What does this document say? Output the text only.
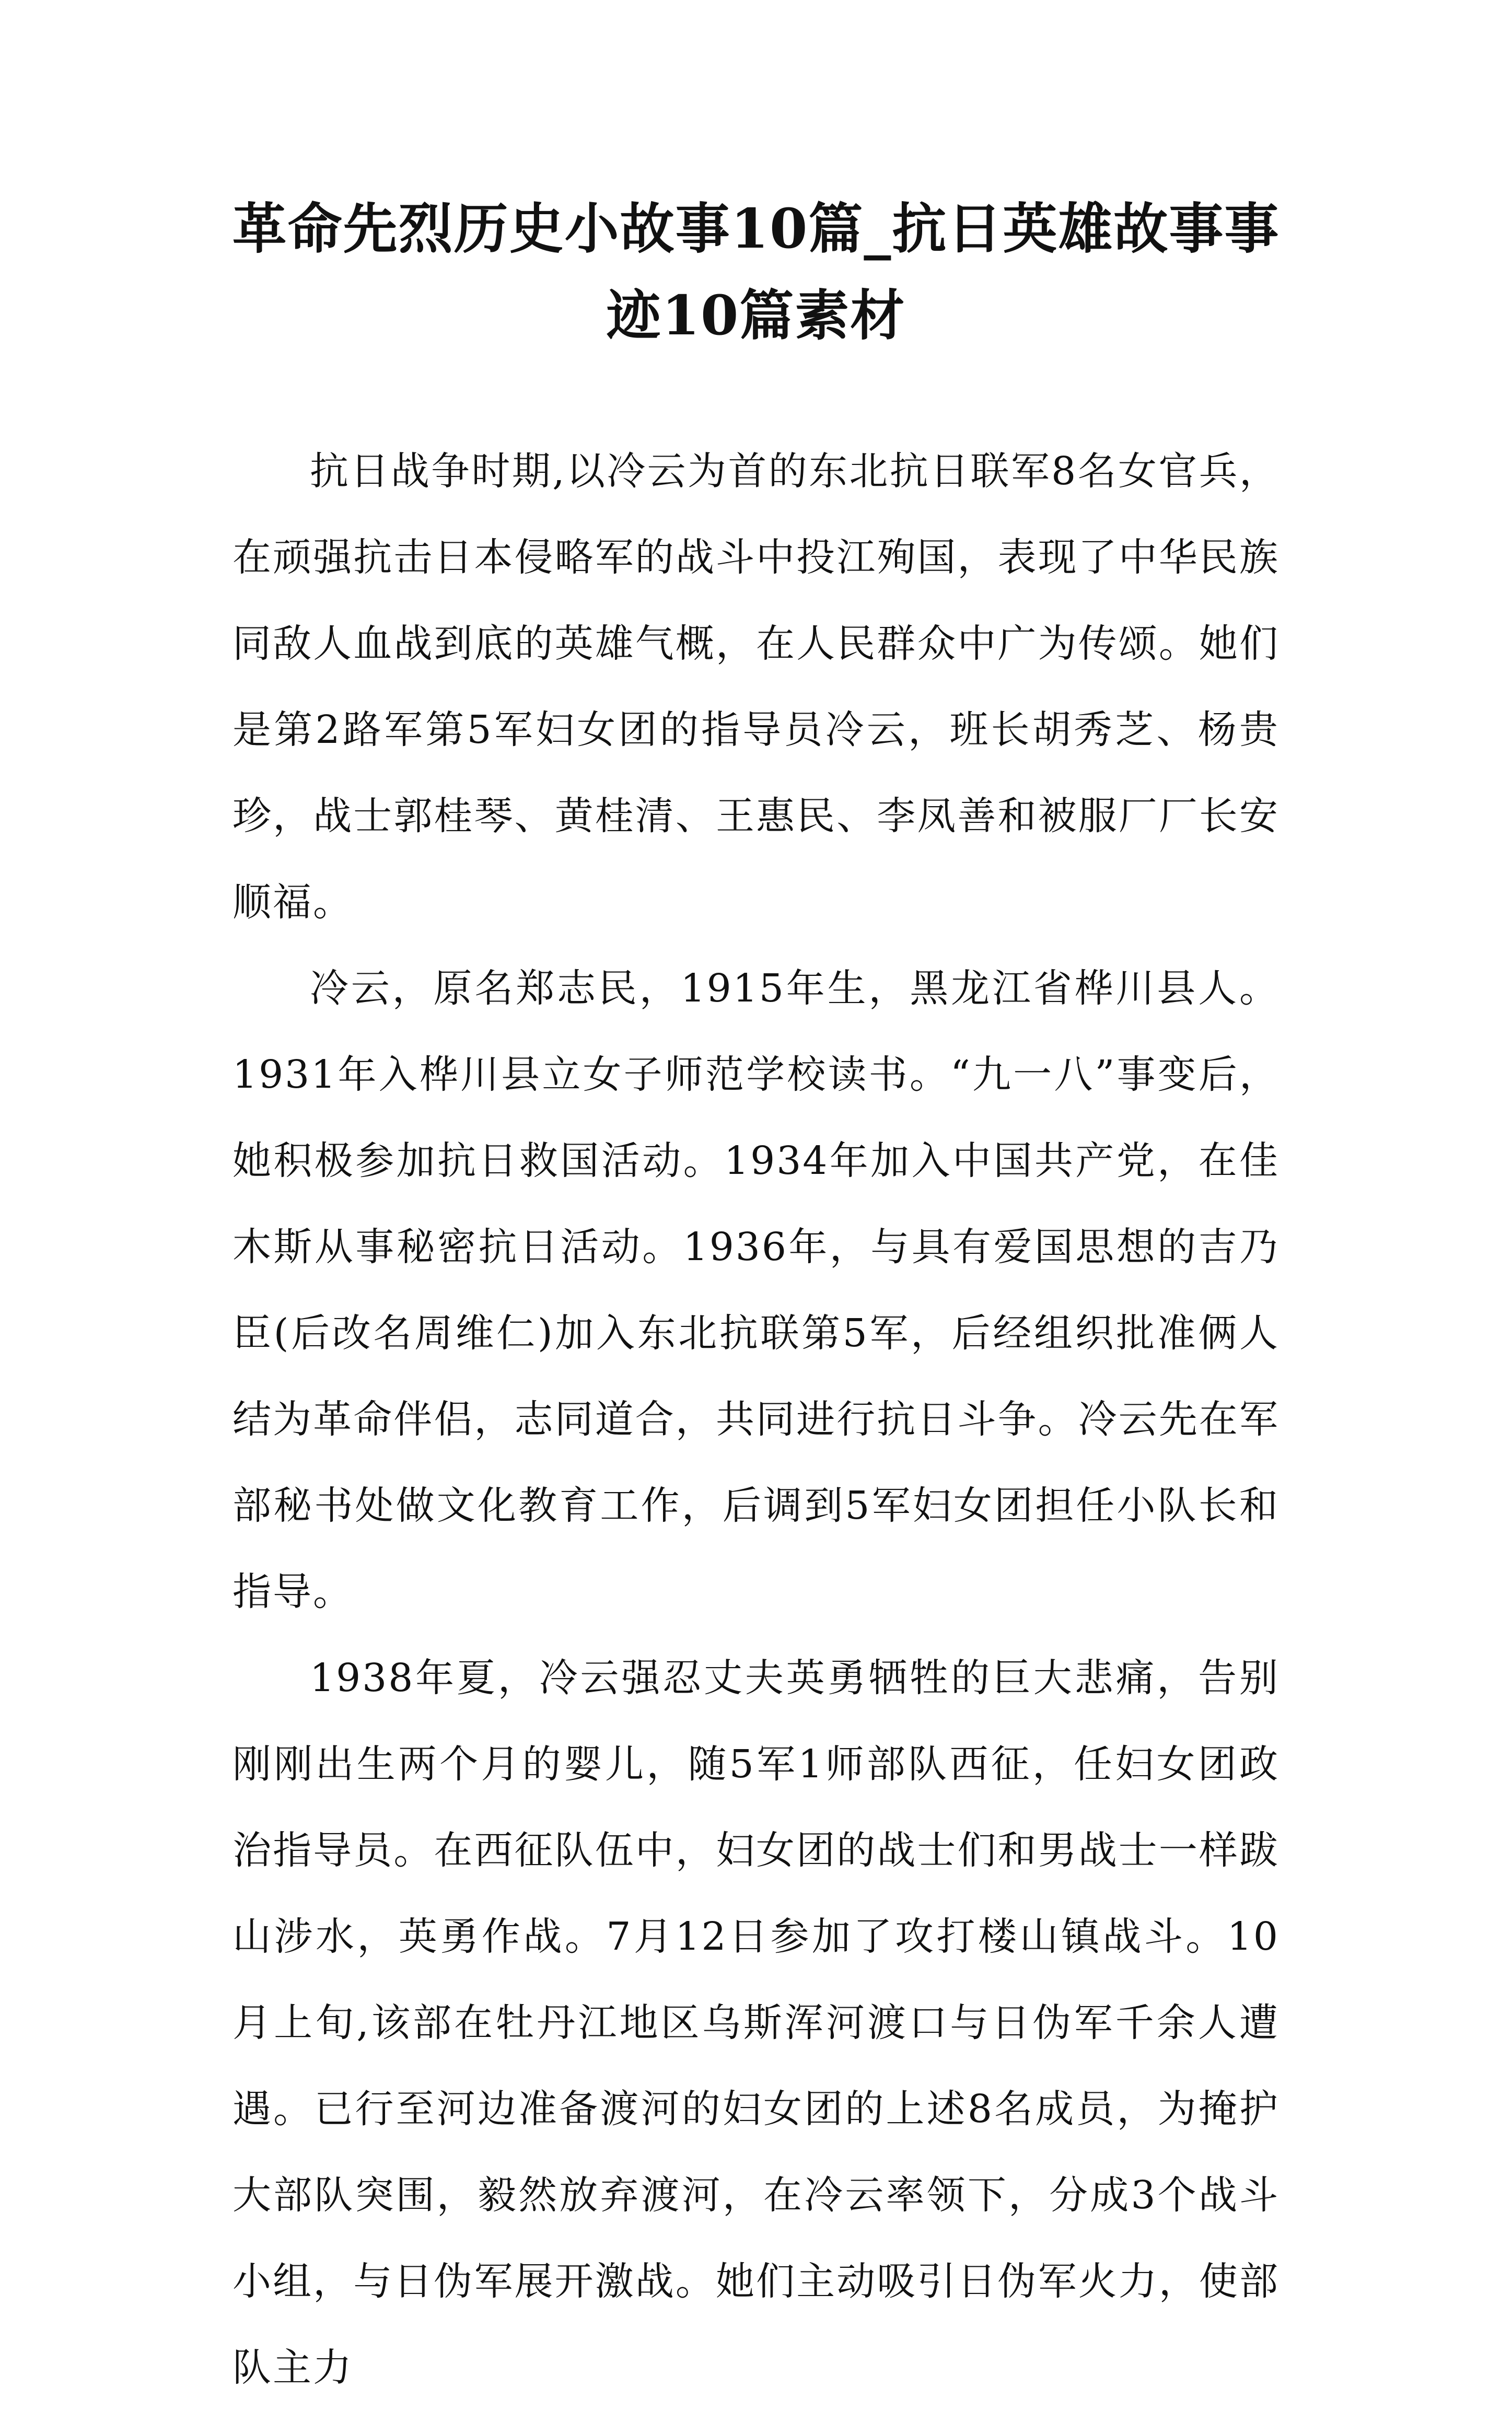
革命先烈历史小故事10篇_抗日英雄故事事迹10篇素材

抗日战争时期,以冷云为首的东北抗日联军8名女官兵，在顽强抗击日本侵略军的战斗中投江殉国，表现了中华民族同敌人血战到底的英雄气概，在人民群众中广为传颂。她们是第2路军第5军妇女团的指导员冷云，班长胡秀芝、杨贵珍，战士郭桂琴、黄桂清、王惠民、李凤善和被服厂厂长安顺福。

冷云，原名郑志民，1915年生，黑龙江省桦川县人。1931年入桦川县立女子师范学校读书。“九一八”事变后，她积极参加抗日救国活动。1934年加入中国共产党，在佳木斯从事秘密抗日活动。1936年，与具有爱国思想的吉乃臣(后改名周维仁)加入东北抗联第5军，后经组织批准俩人结为革命伴侣，志同道合，共同进行抗日斗争。冷云先在军部秘书处做文化教育工作，后调到5军妇女团担任小队长和指导。

1938年夏，冷云强忍丈夫英勇牺牲的巨大悲痛，告别刚刚出生两个月的婴儿，随5军1师部队西征，任妇女团政治指导员。在西征队伍中，妇女团的战士们和男战士一样跋山涉水，英勇作战。7月12日参加了攻打楼山镇战斗。10月上旬,该部在牡丹江地区乌斯浑河渡口与日伪军千余人遭遇。已行至河边准备渡河的妇女团的上述8名成员，为掩护大部队突围，毅然放弃渡河，在冷云率领下，分成3个战斗小组，与日伪军展开激战。她们主动吸引日伪军火力，使部队主力
